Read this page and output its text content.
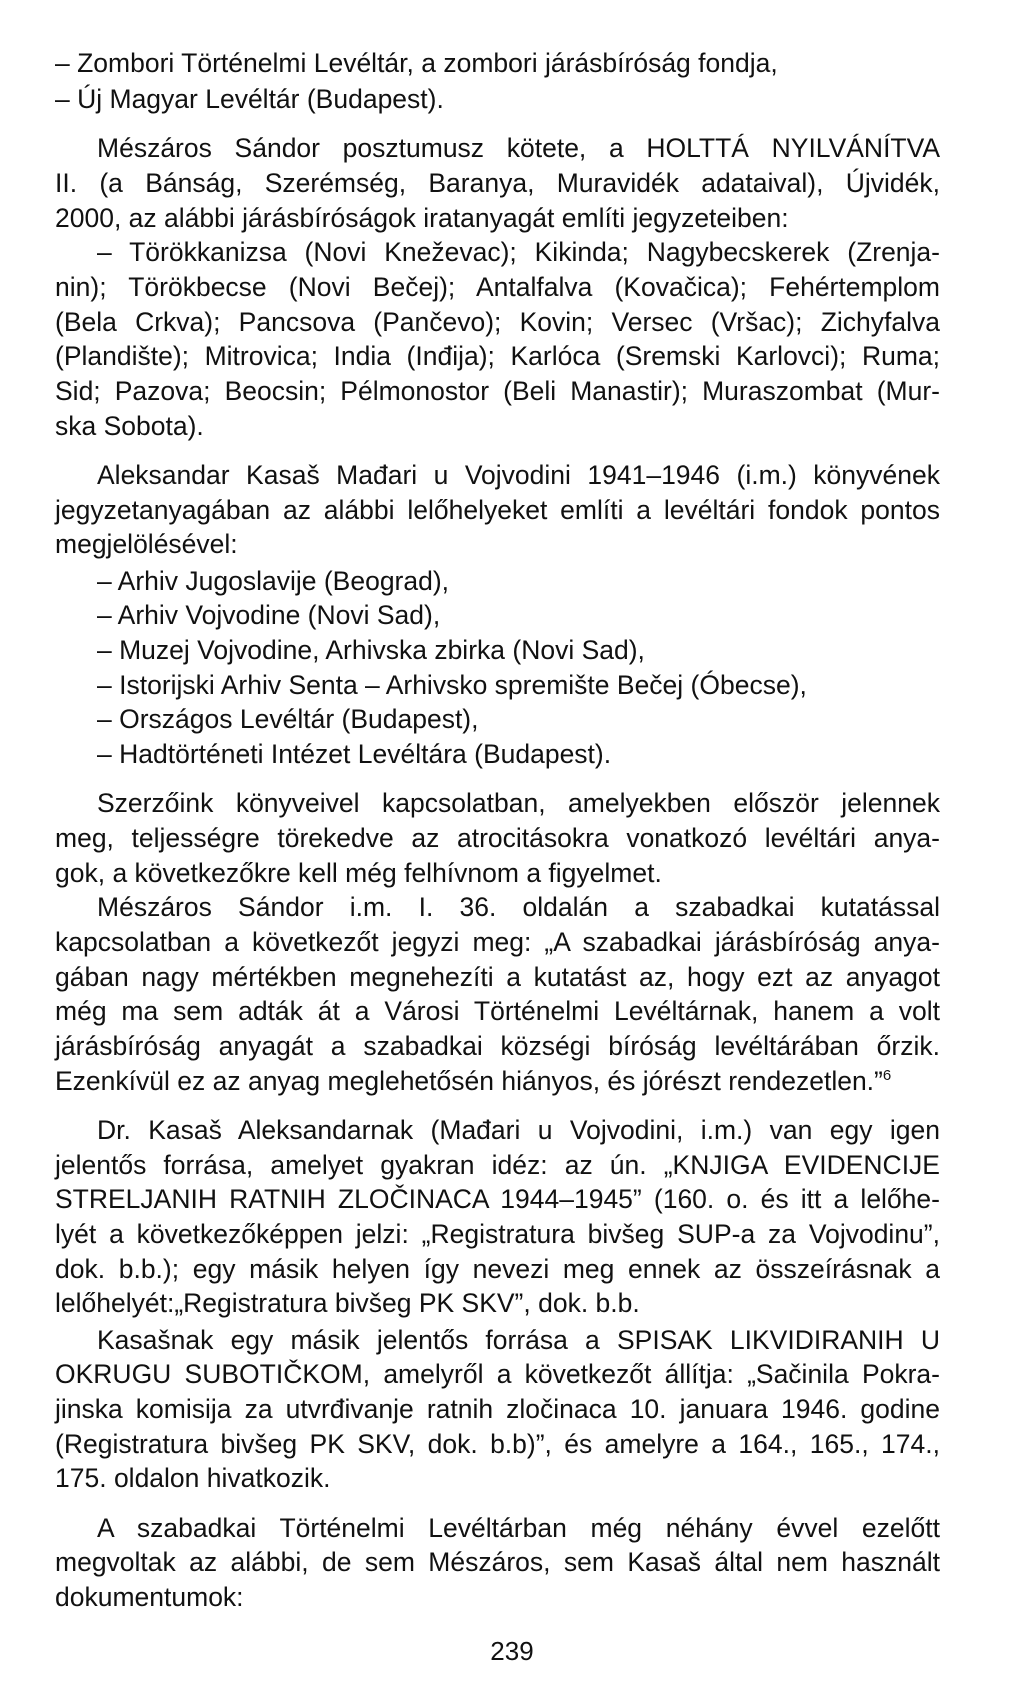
– Zombori Történelmi Levéltár, a zombori járásbíróság fondja,
– Új Magyar Levéltár (Budapest).
Mészáros Sándor posztumusz kötete, a HOLTTÁ NYILVÁNÍTVA
II. (a Bánság, Szerémség, Baranya, Muravidék adataival), Újvidék,
2000, az alábbi járásbíróságok iratanyagát említi jegyzeteiben:
– Törökkanizsa (Novi Kneževac); Kikinda; Nagybecskerek (Zrenja-
nin); Törökbecse (Novi Bečej); Antalfalva (Kovačica); Fehértemplom
(Bela Crkva); Pancsova (Pančevo); Kovin; Versec (Vršac); Zichyfalva
(Plandište); Mitrovica; India (Inđija); Karlóca (Sremski Karlovci); Ruma;
Sid; Pazova; Beocsin; Pélmonostor (Beli Manastir); Muraszombat (Mur-
ska Sobota).
Aleksandar Kasaš Mađari u Vojvodini 1941–1946 (i.m.) könyvének
jegyzetanyagában az alábbi lelőhelyeket említi a levéltári fondok pontos
megjelölésével:
– Arhiv Jugoslavije (Beograd),
– Arhiv Vojvodine (Novi Sad),
– Muzej Vojvodine, Arhivska zbirka (Novi Sad),
– Istorijski Arhiv Senta – Arhivsko spremište Bečej (Óbecse),
– Országos Levéltár (Budapest),
– Hadtörténeti Intézet Levéltára (Budapest).
Szerzőink könyveivel kapcsolatban, amelyekben először jelennek
meg, teljességre törekedve az atrocitásokra vonatkozó levéltári anya-
gok, a következőkre kell még felhívnom a figyelmet.
Mészáros Sándor i.m. I. 36. oldalán a szabadkai kutatással
kapcsolatban a következőt jegyzi meg: „A szabadkai járásbíróság anya-
gában nagy mértékben megnehezíti a kutatást az, hogy ezt az anyagot
még ma sem adták át a Városi Történelmi Levéltárnak, hanem a volt
járásbíróság anyagát a szabadkai községi bíróság levéltárában őrzik.
Ezenkívül ez az anyag meglehetősén hiányos, és jórészt rendezetlen.”$^6$
Dr. Kasaš Aleksandarnak (Mađari u Vojvodini, i.m.) van egy igen
jelentős forrása, amelyet gyakran idéz: az ún. „KNJIGA EVIDENCIJE
STRELJANIH RATNIH ZLOČINACA 1944–1945” (160. o. és itt a lelőhe-
lyét a következőképpen jelzi: „Registratura bivšeg SUP-a za Vojvodinu”,
dok. b.b.); egy másik helyen így nevezi meg ennek az összeírásnak a
lelőhelyét:„Registratura bivšeg PK SKV”, dok. b.b.
Kasašnak egy másik jelentős forrása a SPISAK LIKVIDIRANIH U
OKRUGU SUBOTIČKOM, amelyről a következőt állítja: „Sačinila Pokra-
jinska komisija za utvrđivanje ratnih zločinaca 10. januara 1946. godine
(Registratura bivšeg PK SKV, dok. b.b)”, és amelyre a 164., 165., 174.,
175. oldalon hivatkozik.
A szabadkai Történelmi Levéltárban még néhány évvel ezelőtt
megvoltak az alábbi, de sem Mészáros, sem Kasaš által nem használt
dokumentumok:
239
